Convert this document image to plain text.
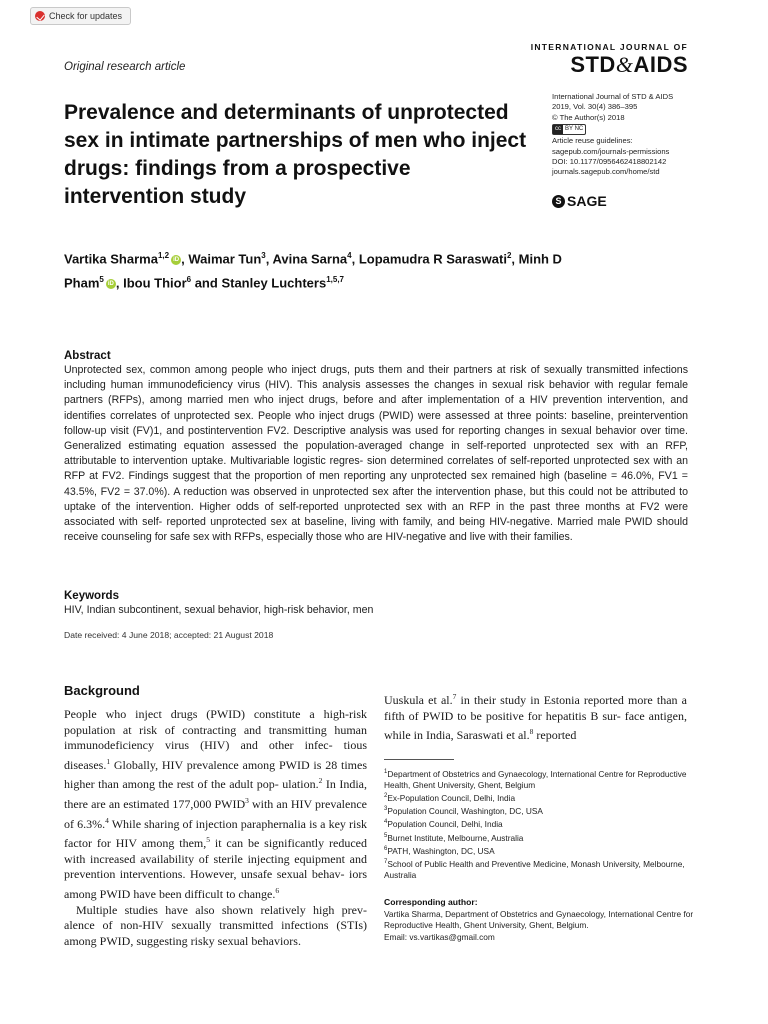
Check for updates
Original research article
Prevalence and determinants of unprotected sex in intimate partnerships of men who inject drugs: findings from a prospective intervention study
INTERNATIONAL JOURNAL OF
STD&AIDS
International Journal of STD & AIDS
2019, Vol. 30(4) 386–395
© The Author(s) 2018
cc BY NC
Article reuse guidelines:
sagepub.com/journals-permissions
DOI: 10.1177/0956462418802142
journals.sagepub.com/home/std
S SAGE

Vartika Sharma$^{1,2}$ iD , Waimar Tun$^3$, Avina Sarna$^4$, Lopamudra R Saraswati$^2$, Minh D Pham$^5$ iD , Ibou Thior$^6$ and Stanley Luchters$^{1,5,7}$

Abstract

Unprotected sex, common among people who inject drugs, puts them and their partners at risk of sexually transmitted infections including human immunodeficiency virus (HIV). This analysis assesses the changes in sexual risk behavior with regular female partners (RFPs), among married men who inject drugs, before and after implementation of a HIV prevention intervention, and identifies correlates of unprotected sex. People who inject drugs (PWID) were assessed at three points: baseline, preintervention follow-up visit (FV)1, and postintervention FV2. Descriptive analysis was used for reporting changes in sexual behavior over time. Generalized estimating equation assessed the population-averaged change in self-reported unprotected sex with an RFP, attributable to intervention uptake. Multivariable logistic regres- sion determined correlates of self-reported unprotected sex with an RFP at FV2. Findings suggest that the proportion of men reporting any unprotected sex remained high (baseline = 46.0%, FV1 = 43.5%, FV2 = 37.0%). A reduction was observed in unprotected sex after the intervention phase, but this could not be attributed to uptake of the intervention. Higher odds of self-reported unprotected sex with an RFP in the past three months at FV2 were associated with self- reported unprotected sex at baseline, living with family, and being HIV-negative. Married male PWID should receive counseling for safe sex with RFPs, especially those who are HIV-negative and live with their families.

Keywords
HIV, Indian subcontinent, sexual behavior, high-risk behavior, men
Date received: 4 June 2018; accepted: 21 August 2018
Background

People who inject drugs (PWID) constitute a high-risk population at risk of contracting and transmitting human immunodeficiency virus (HIV) and other infec- tious diseases.$^1$ Globally, HIV prevalence among PWID is 28 times higher than among the rest of the adult pop- ulation.$^2$ In India, there are an estimated 177,000 PWID$^3$ with an HIV prevalence of 6.3%.$^4$ While sharing of injection paraphernalia is a key risk factor for HIV among them,$^5$ it can be significantly reduced with increased availability of sterile injecting equipment and prevention interventions. However, unsafe sexual behav- iors among PWID have been difficult to change.$^6$

Multiple studies have also shown relatively high prev- alence of non-HIV sexually transmitted infections (STIs) among PWID, suggesting risky sexual behaviors.

Uuskula et al.$^7$ in their study in Estonia reported more than a fifth of PWID to be positive for hepatitis B sur- face antigen, while in India, Saraswati et al.$^8$ reported

$^1$Department of Obstetrics and Gynaecology, International Centre for Reproductive Health, Ghent University, Ghent, Belgium
$^2$Ex-Population Council, Delhi, India
$^3$Population Council, Washington, DC, USA
$^4$Population Council, Delhi, India
$^5$Burnet Institute, Melbourne, Australia
$^6$PATH, Washington, DC, USA
$^7$School of Public Health and Preventive Medicine, Monash University, Melbourne, Australia
Corresponding author:
Vartika Sharma, Department of Obstetrics and Gynaecology, International Centre for Reproductive Health, Ghent University, Ghent, Belgium.
Email: vs.vartikas@gmail.com
